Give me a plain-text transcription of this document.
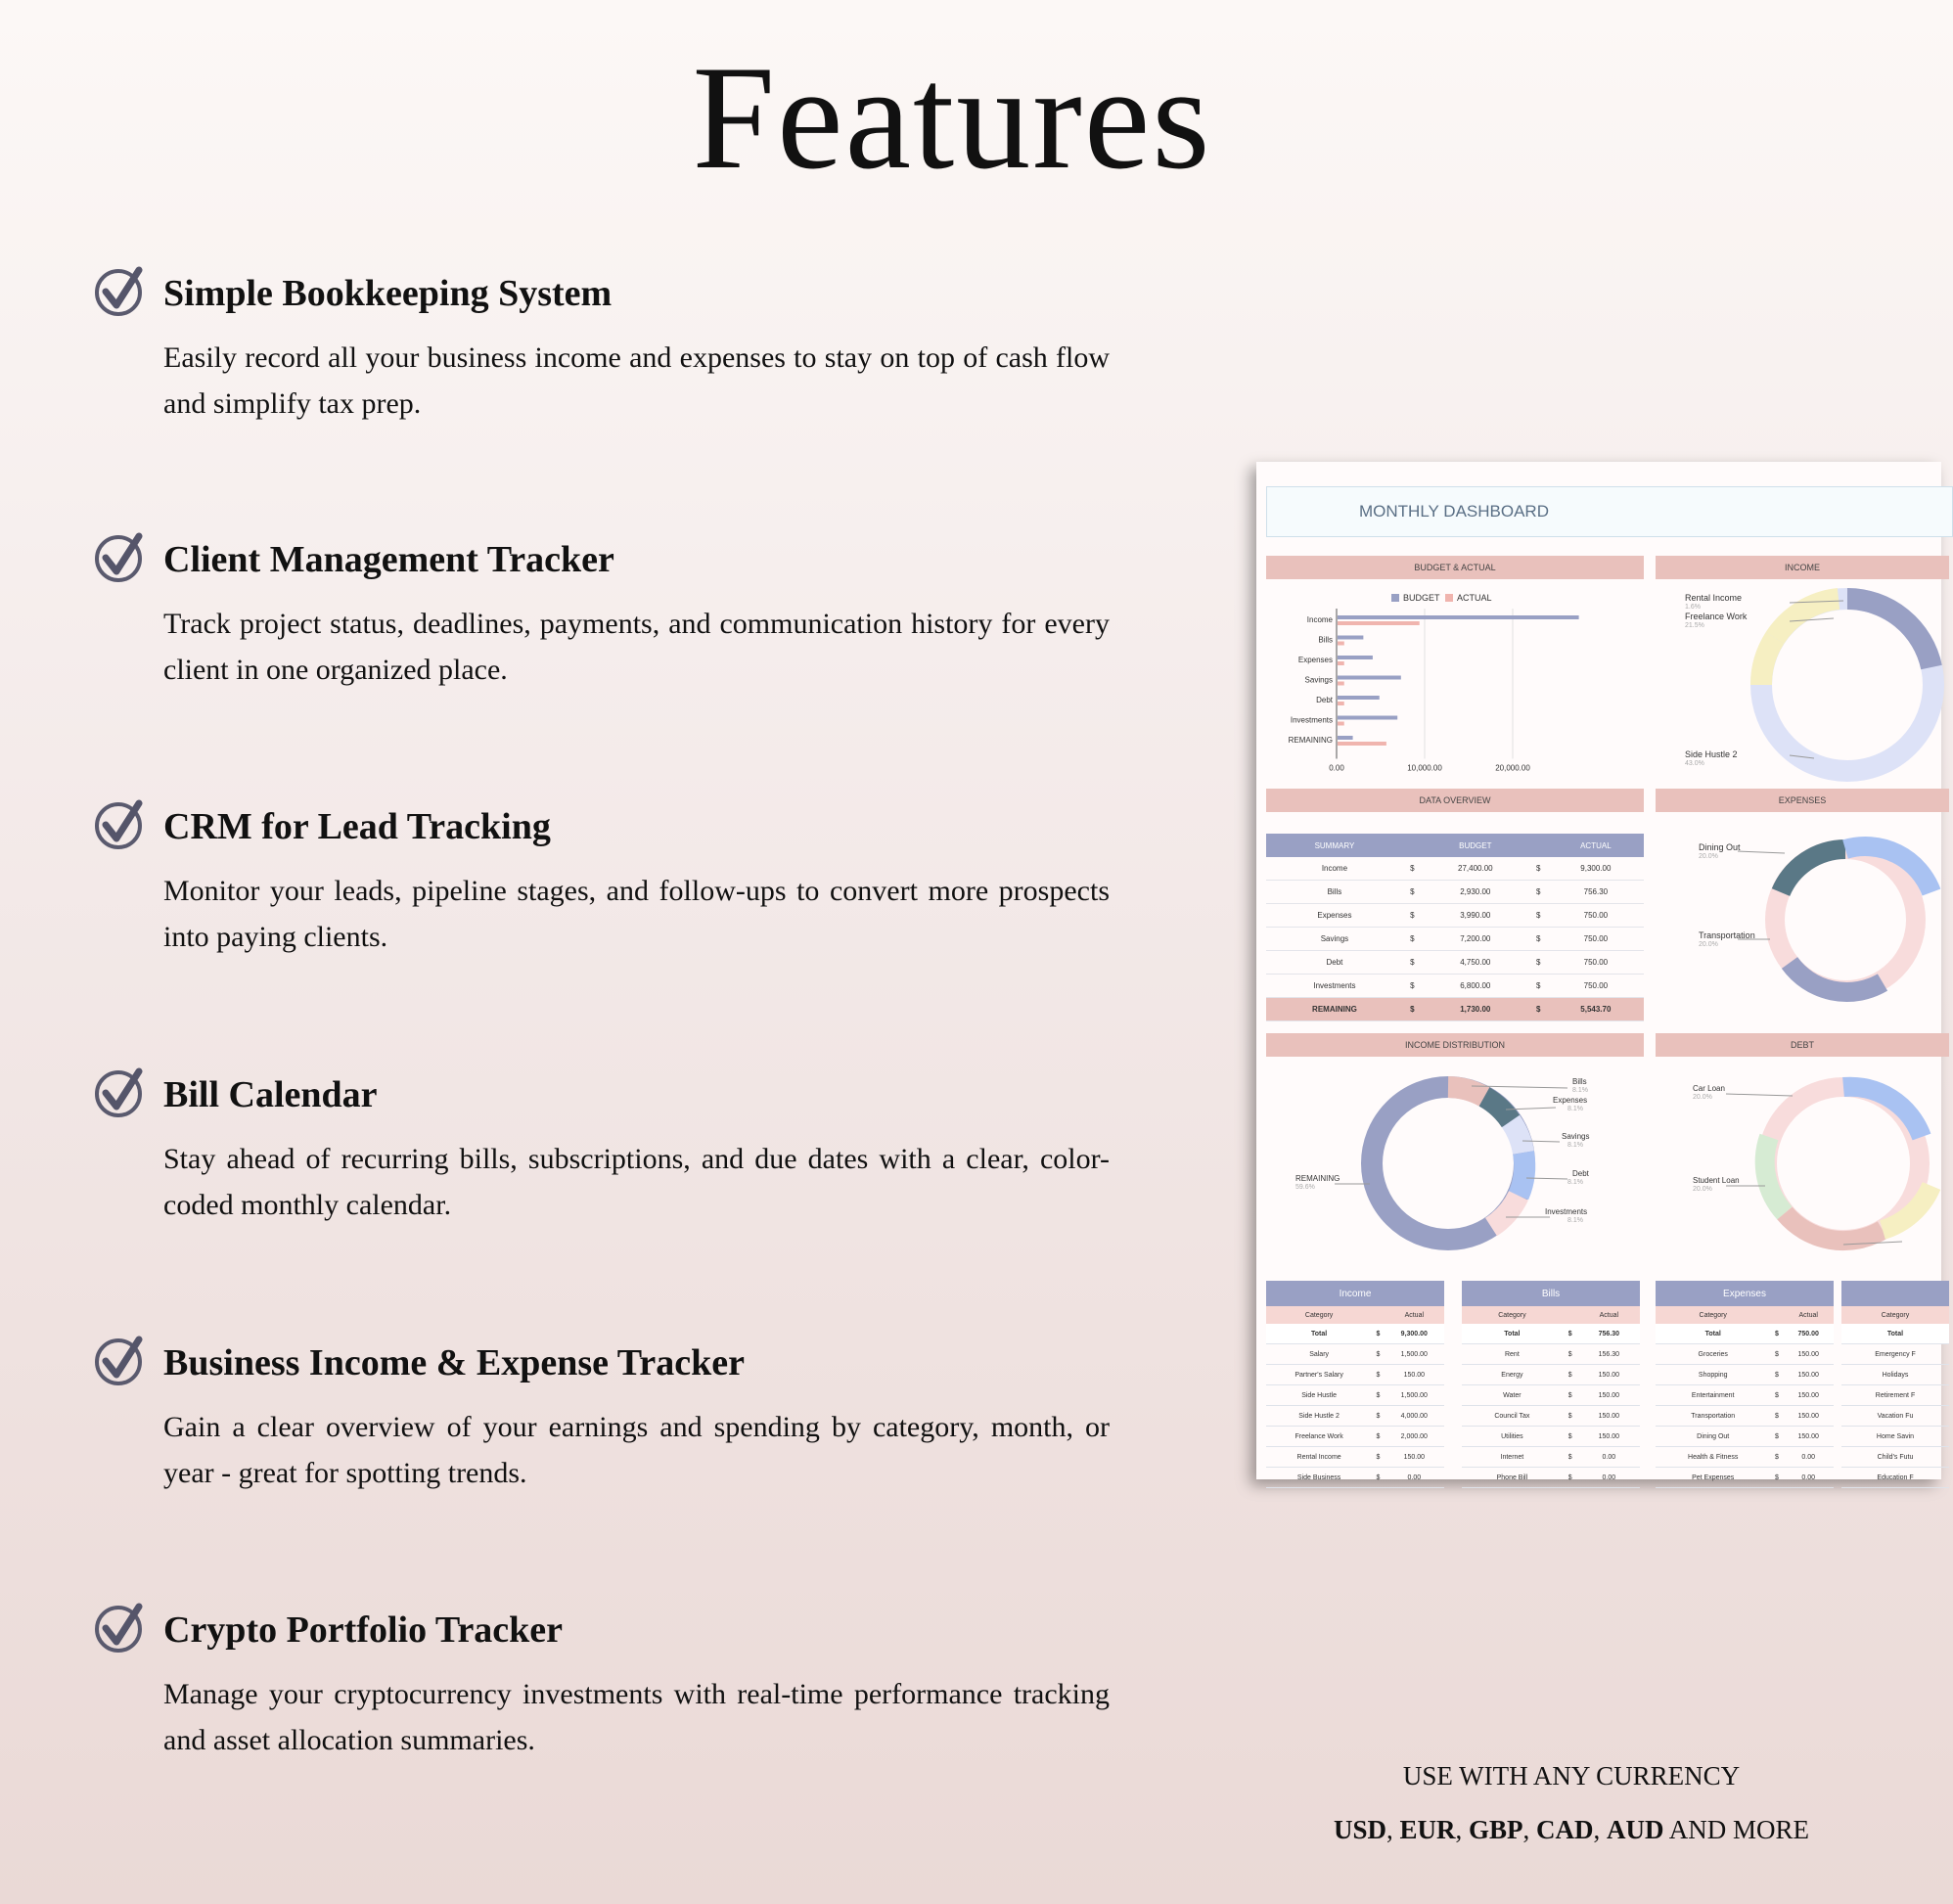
Features
Simple Bookkeeping System
Easily record all your business income and expenses to stay on top of cash flow and simplify tax prep.
Client Management Tracker
Track project status, deadlines, payments, and communication history for every client in one organized place.
CRM for Lead Tracking
Monitor your leads, pipeline stages, and follow-ups to convert more prospects into paying clients.
Bill Calendar
Stay ahead of recurring bills, subscriptions, and due dates with a clear, color-coded monthly calendar.
Business Income & Expense Tracker
Gain a clear overview of your earnings and spending by category, month, or year - great for spotting trends.
Crypto Portfolio Tracker
Manage your cryptocurrency investments with real-time performance tracking and asset allocation summaries.
MONTHLY DASHBOARD
BUDGET & ACTUAL	INCOME
DATA OVERVIEW	EXPENSES
INCOME DISTRIBUTION	DEBT
BUDGET ACTUAL
0.00	10,000.00	20,000.00
Income
Bills
Expenses
Savings
Debt
Investments
REMAINING
Rental Income
1.6%
Freelance Work
21.5%
Side Hustle 2
43.0%
Dining Out
20.0%
Transportation
20.0%
Bills
8.1%
Expenses
8.1%
Savings
8.1%
Debt
8.1%
Investments
8.1%
REMAINING
59.6%
Car Loan
20.0%
Student Loan
20.0%
SUMMARY		BUDGET		ACTUAL
Income	$	27,400.00	$	9,300.00
Bills	$	2,930.00	$	756.30
Expenses	$	3,990.00	$	750.00
Savings	$	7,200.00	$	750.00
Debt	$	4,750.00	$	750.00
Investments	$	6,800.00	$	750.00
REMAINING	$	1,730.00	$	5,543.70
Income		
Category		Actual
Total	$	9,300.00
Salary	$	1,500.00
Partner's Salary	$	150.00
Side Hustle	$	1,500.00
Side Hustle 2	$	4,000.00
Freelance Work	$	2,000.00
Rental Income	$	150.00
Side Business	$	0.00
Bills		
Category		Actual
Total	$	756.30
Rent	$	156.30
Energy	$	150.00
Water	$	150.00
Council Tax	$	150.00
Utilities	$	150.00
Internet	$	0.00
Phone Bill	$	0.00
Expenses		
Category		Actual
Total	$	750.00
Groceries	$	150.00
Shopping	$	150.00
Entertainment	$	150.00
Transportation	$	150.00
Dining Out	$	150.00
Health & Fitness	$	0.00
Pet Expenses	$	0.00

Category
Total
Emergency F
Holidays
Retirement F
Vacation Fu
Home Savin
Child's Futu
Education F
USE WITH ANY CURRENCY
USD, EUR, GBP, CAD, AUD AND MORE
